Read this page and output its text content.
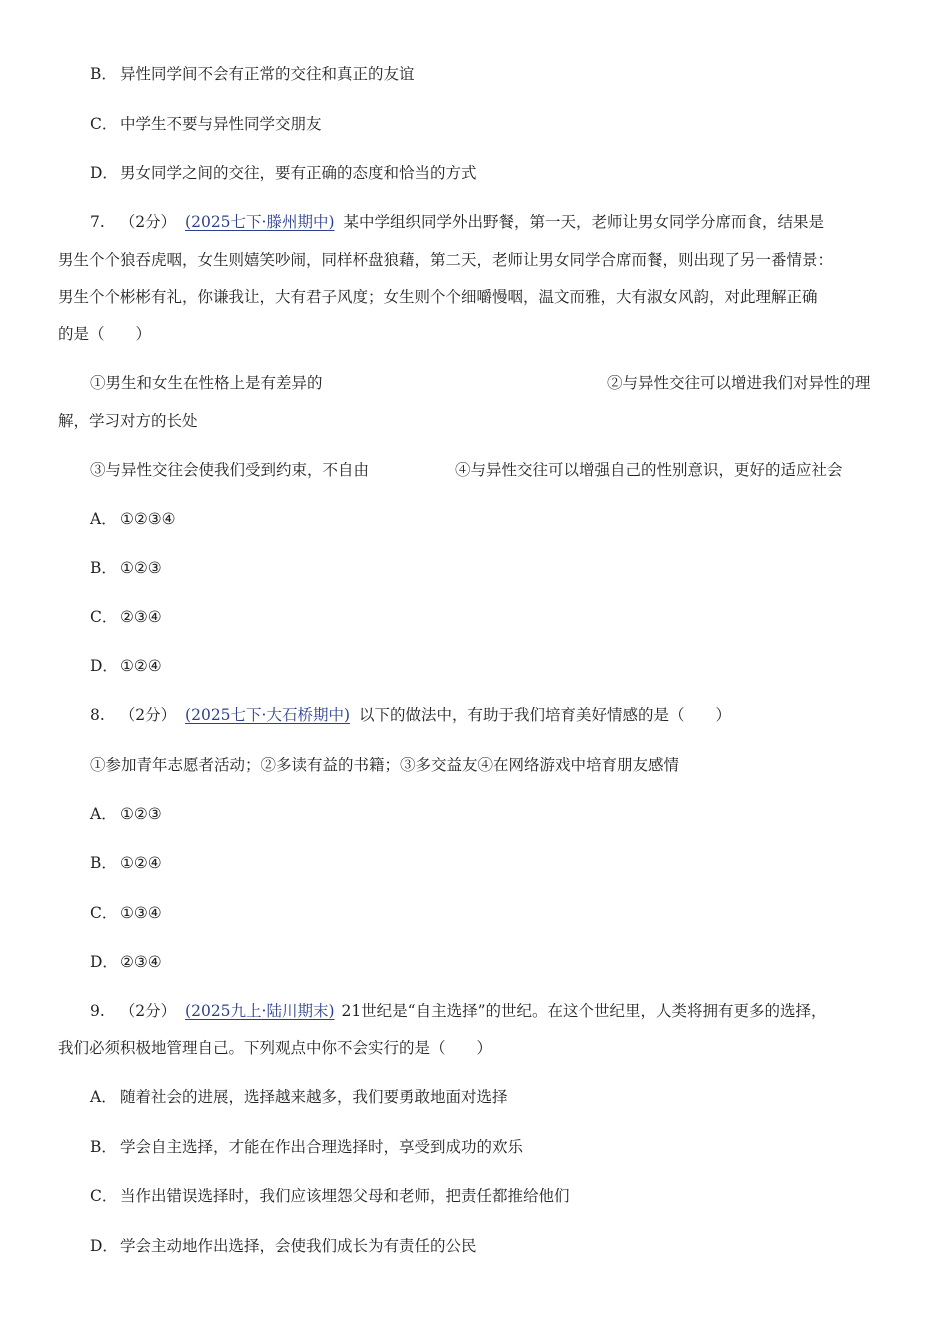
B． 异性同学间不会有正常的交往和真正的友谊
C． 中学生不要与异性同学交朋友
D． 男女同学之间的交往，要有正确的态度和恰当的方式
7. （2分） (2025七下·滕州期中) 某中学组织同学外出野餐，第一天，老师让男女同学分席而食，结果是
男生个个狼吞虎咽，女生则嬉笑吵闹，同样杯盘狼藉，第二天，老师让男女同学合席而餐，则出现了另一番情景：
男生个个彬彬有礼，你谦我让，大有君子风度；女生则个个细嚼慢咽，温文而雅，大有淑女风韵，对此理解正确
的是（　　）
①男生和女生在性格上是有差异的	②与异性交往可以增进我们对异性的理
解，学习对方的长处
③与异性交往会使我们受到约束，不自由	④与异性交往可以增强自己的性别意识，更好的适应社会
A． ①②③④
B． ①②③
C． ②③④
D． ①②④
8. （2分） (2025七下·大石桥期中) 以下的做法中，有助于我们培育美好情感的是（　　）
①参加青年志愿者活动；②多读有益的书籍；③多交益友④在网络游戏中培育朋友感情
A． ①②③
B． ①②④
C． ①③④
D． ②③④
9. （2分） (2025九上·陆川期末) 21世纪是“自主选择”的世纪。在这个世纪里，人类将拥有更多的选择，
我们必须积极地管理自己。下列观点中你不会实行的是（　　）
A． 随着社会的进展，选择越来越多，我们要勇敢地面对选择
B． 学会自主选择，才能在作出合理选择时，享受到成功的欢乐
C． 当作出错误选择时，我们应该埋怨父母和老师，把责任都推给他们
D． 学会主动地作出选择，会使我们成长为有责任的公民
